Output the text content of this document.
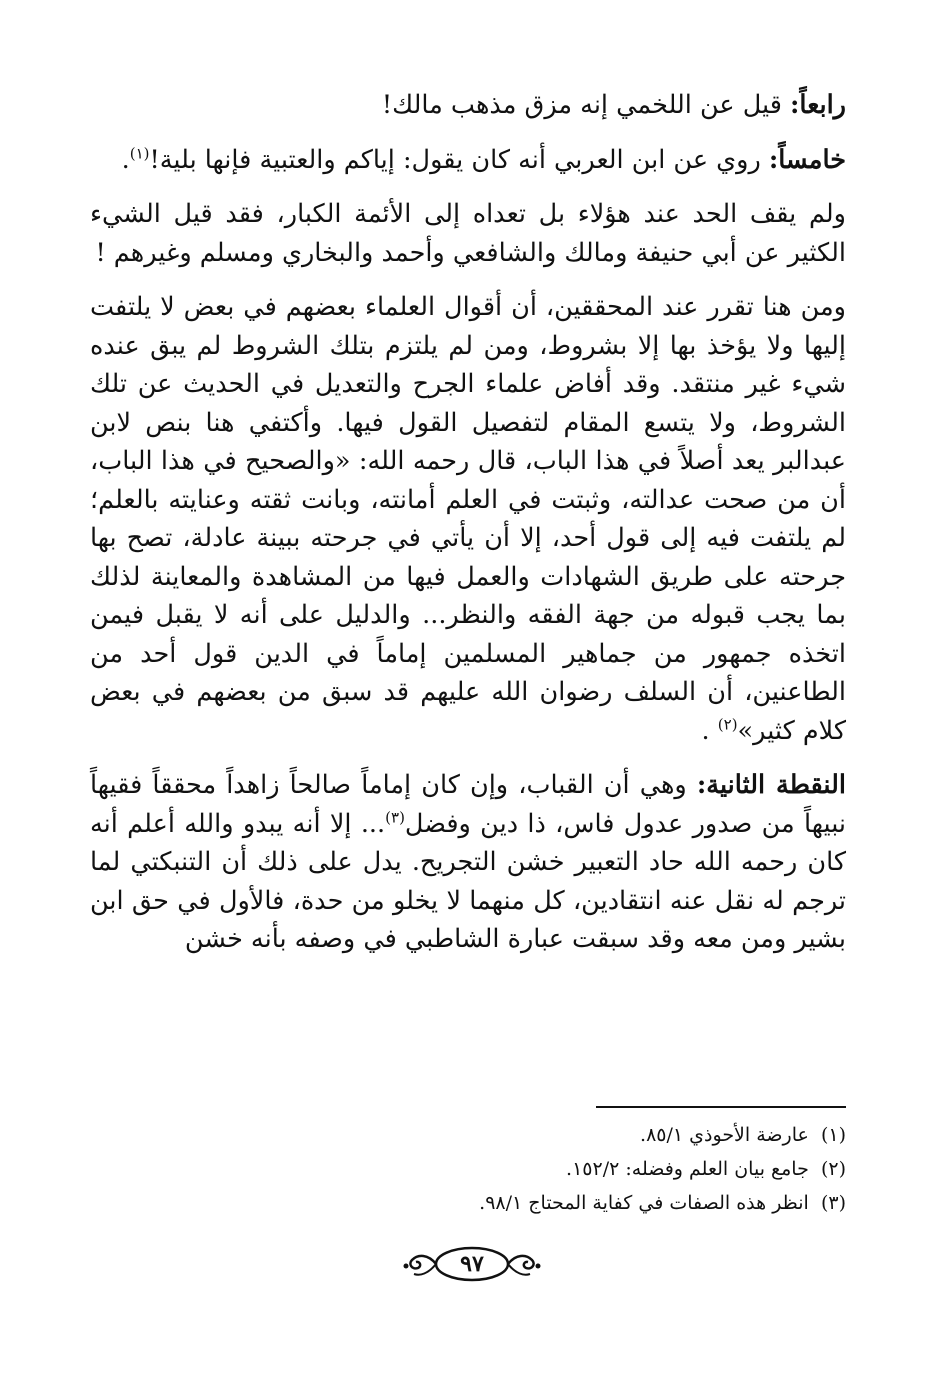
رابعاً: قيل عن اللخمي إنه مزق مذهب مالك!

خامساً: روي عن ابن العربي أنه كان يقول: إياكم والعتبية فإنها بلية!$^{(١)}$.

ولم يقف الحد عند هؤلاء بل تعداه إلى الأئمة الكبار، فقد قيل الشيء الكثير عن أبي حنيفة ومالك والشافعي وأحمد والبخاري ومسلم وغيرهم !

ومن هنا تقرر عند المحققين، أن أقوال العلماء بعضهم في بعض لا يلتفت إليها ولا يؤخذ بها إلا بشروط، ومن لم يلتزم بتلك الشروط لم يبق عنده شيء غير منتقد. وقد أفاض علماء الجرح والتعديل في الحديث عن تلك الشروط، ولا يتسع المقام لتفصيل القول فيها. وأكتفي هنا بنص لابن عبدالبر يعد أصلاً في هذا الباب، قال رحمه الله: «والصحيح في هذا الباب، أن من صحت عدالته، وثبتت في العلم أمانته، وبانت ثقته وعنايته بالعلم؛ لم يلتفت فيه إلى قول أحد، إلا أن يأتي في جرحته ببينة عادلة، تصح بها جرحته على طريق الشهادات والعمل فيها من المشاهدة والمعاينة لذلك بما يجب قبوله من جهة الفقه والنظر... والدليل على أنه لا يقبل فيمن اتخذه جمهور من جماهير المسلمين إماماً في الدين قول أحد من الطاعنين، أن السلف رضوان الله عليهم قد سبق من بعضهم في بعض كلام كثير»$^{(٢)}$ .

النقطة الثانية: وهي أن القباب، وإن كان إماماً صالحاً زاهداً محققاً فقيهاً نبيهاً من صدور عدول فاس، ذا دين وفضل$^{(٣)}$... إلا أنه يبدو والله أعلم أنه كان رحمه الله حاد التعبير خشن التجريح. يدل على ذلك أن التنبكتي لما ترجم له نقل عنه انتقادين، كل منهما لا يخلو من حدة، فالأول في حق ابن بشير ومن معه وقد سبقت عبارة الشاطبي في وصفه بأنه خشن

(١)  عارضة الأحوذي ٨٥/١.

(٢)  جامع بيان العلم وفضله: ١٥٢/٢.

(٣)  انظر هذه الصفات في كفاية المحتاج ٩٨/١.

٩٧
